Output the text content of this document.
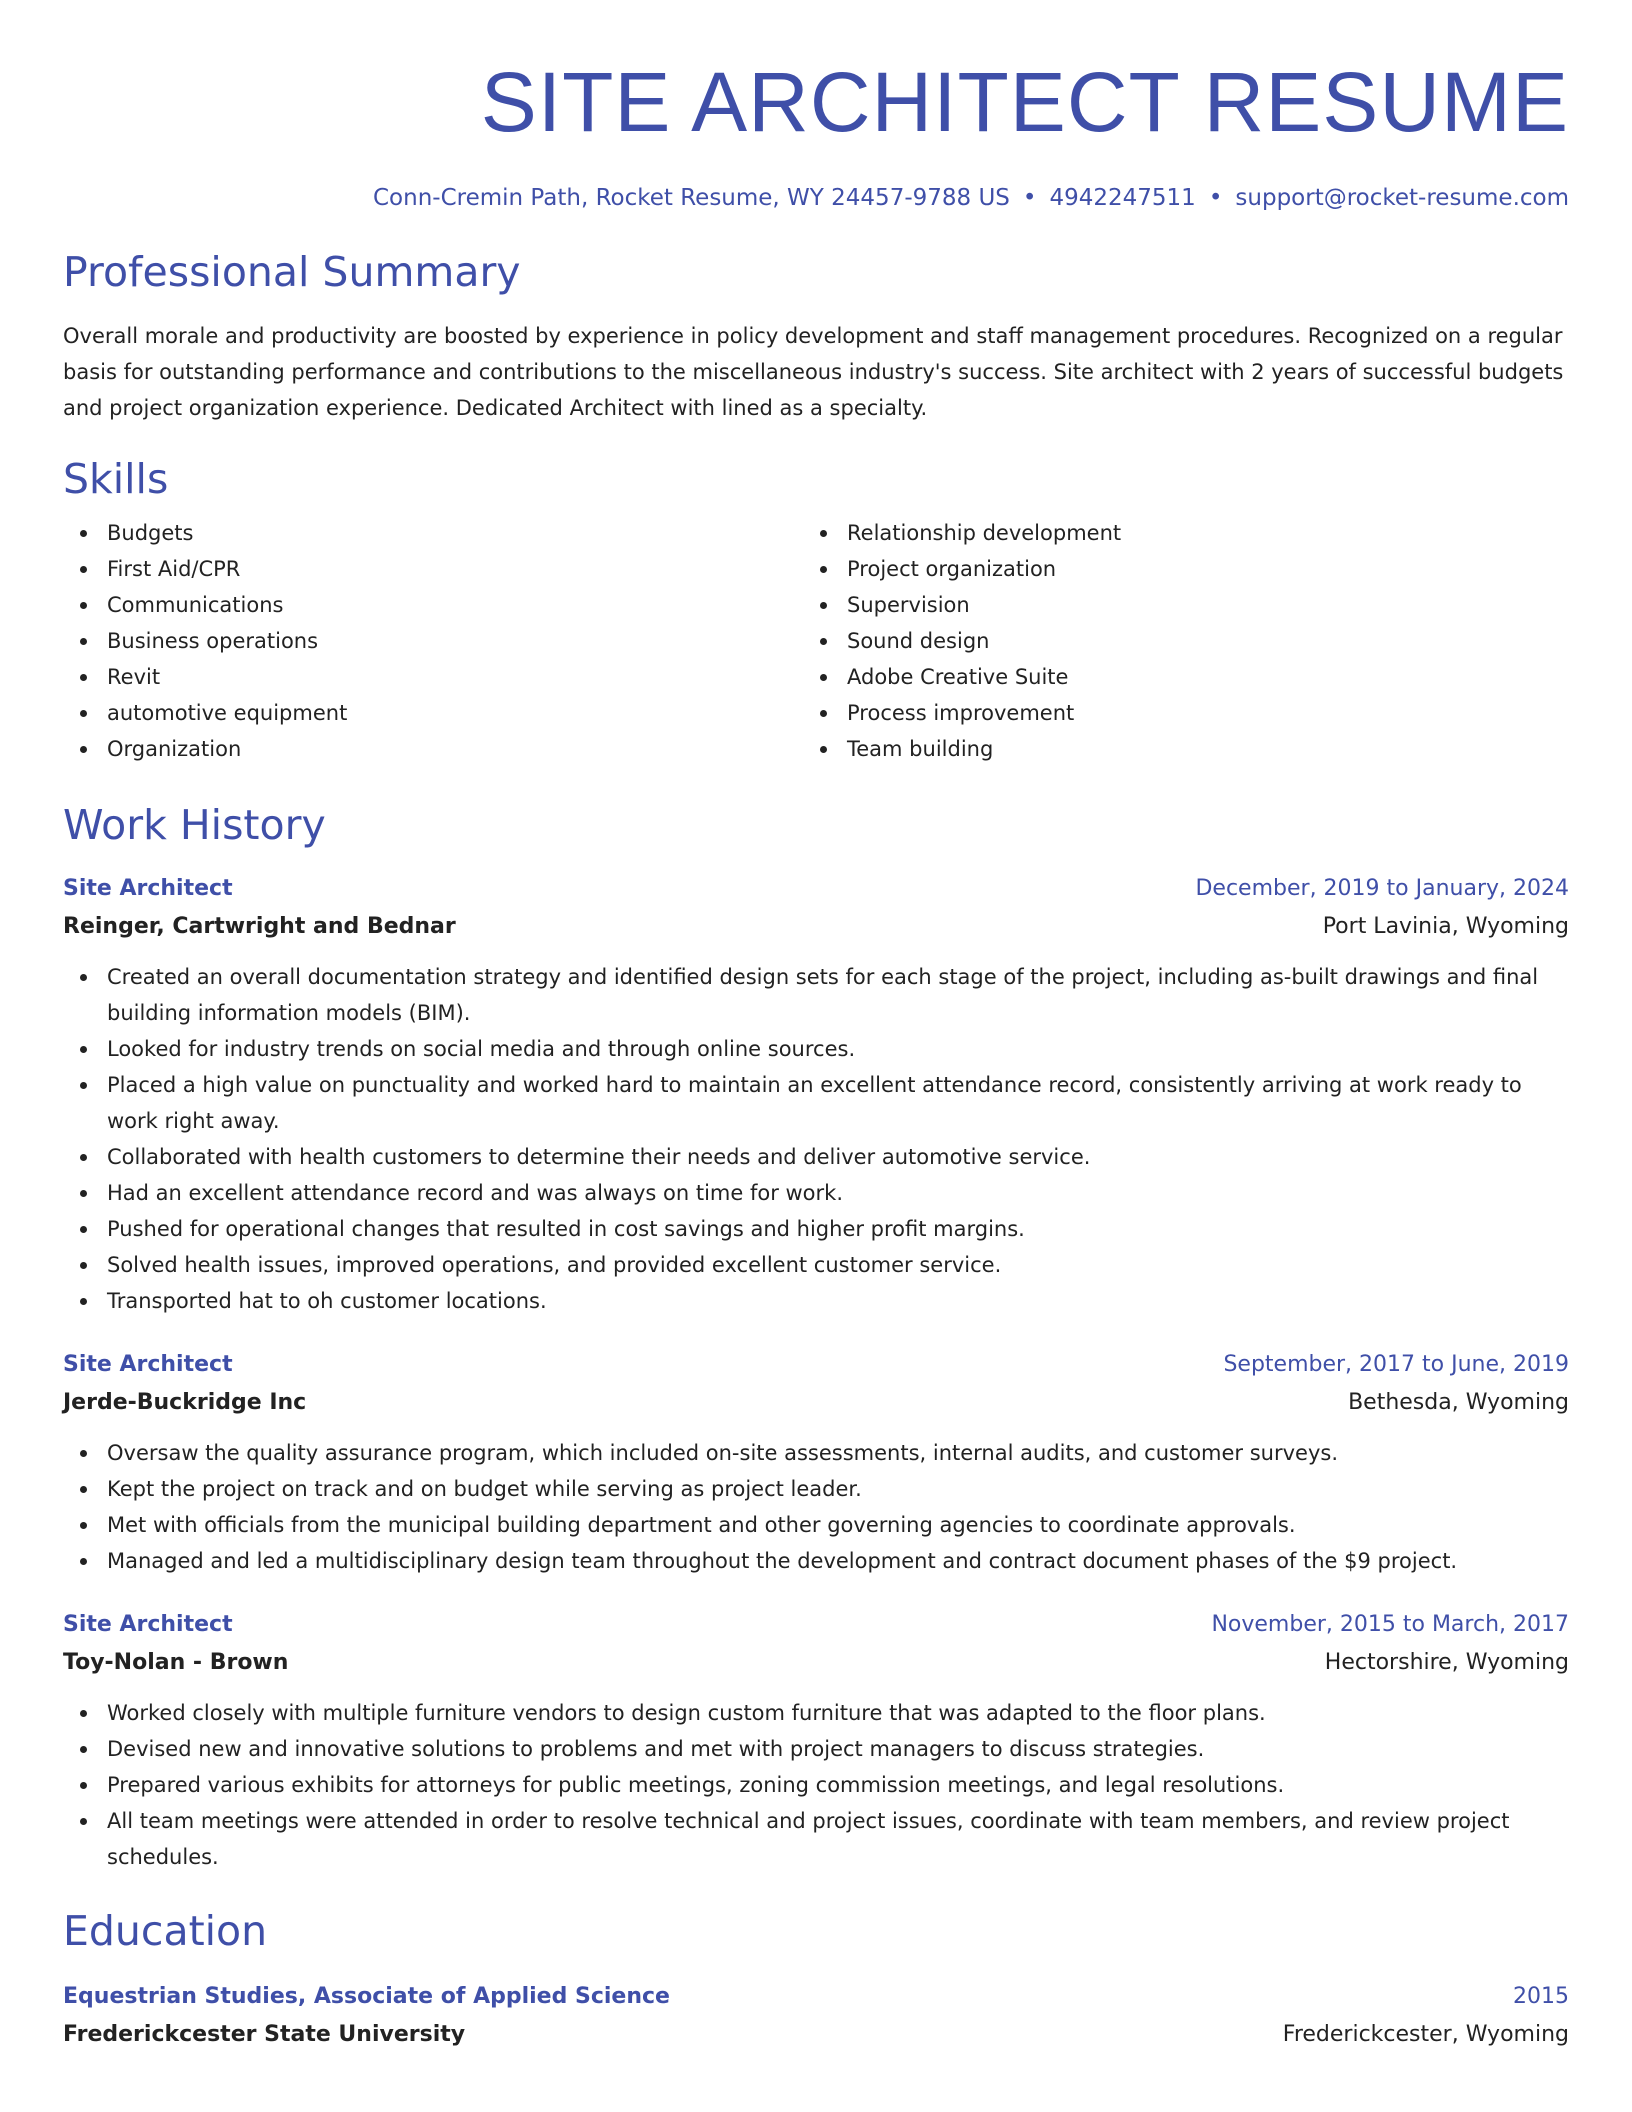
SITE ARCHITECT RESUME
Conn-Cremin Path, Rocket Resume, WY 24457-9788 US • 4942247511 • support@rocket-resume.com
Professional Summary

Overall morale and productivity are boosted by experience in policy development and staff management procedures. Recognized on a regular basis for outstanding performance and contributions to the miscellaneous industry's success. Site architect with 2 years of successful budgets and project organization experience. Dedicated Architect with lined as a specialty.

Skills
Budgets
First Aid/CPR
Communications
Business operations
Revit
automotive equipment
Organization
Relationship development
Project organization
Supervision
Sound design
Adobe Creative Suite
Process improvement
Team building
Work History
Site Architect	December, 2019 to January, 2024
Reinger, Cartwright and Bednar	Port Lavinia, Wyoming
Created an overall documentation strategy and identified design sets for each stage of the project, including as-built drawings and final building information models (BIM).
Looked for industry trends on social media and through online sources.
Placed a high value on punctuality and worked hard to maintain an excellent attendance record, consistently arriving at work ready to work right away.
Collaborated with health customers to determine their needs and deliver automotive service.
Had an excellent attendance record and was always on time for work.
Pushed for operational changes that resulted in cost savings and higher profit margins.
Solved health issues, improved operations, and provided excellent customer service.
Transported hat to oh customer locations.
Site Architect	September, 2017 to June, 2019
Jerde-Buckridge Inc	Bethesda, Wyoming
Oversaw the quality assurance program, which included on-site assessments, internal audits, and customer surveys.
Kept the project on track and on budget while serving as project leader.
Met with officials from the municipal building department and other governing agencies to coordinate approvals.
Managed and led a multidisciplinary design team throughout the development and contract document phases of the $9 project.
Site Architect	November, 2015 to March, 2017
Toy-Nolan - Brown	Hectorshire, Wyoming
Worked closely with multiple furniture vendors to design custom furniture that was adapted to the floor plans.
Devised new and innovative solutions to problems and met with project managers to discuss strategies.
Prepared various exhibits for attorneys for public meetings, zoning commission meetings, and legal resolutions.
All team meetings were attended in order to resolve technical and project issues, coordinate with team members, and review project schedules.
Education
Equestrian Studies, Associate of Applied Science	2015
Frederickcester State University	Frederickcester, Wyoming
